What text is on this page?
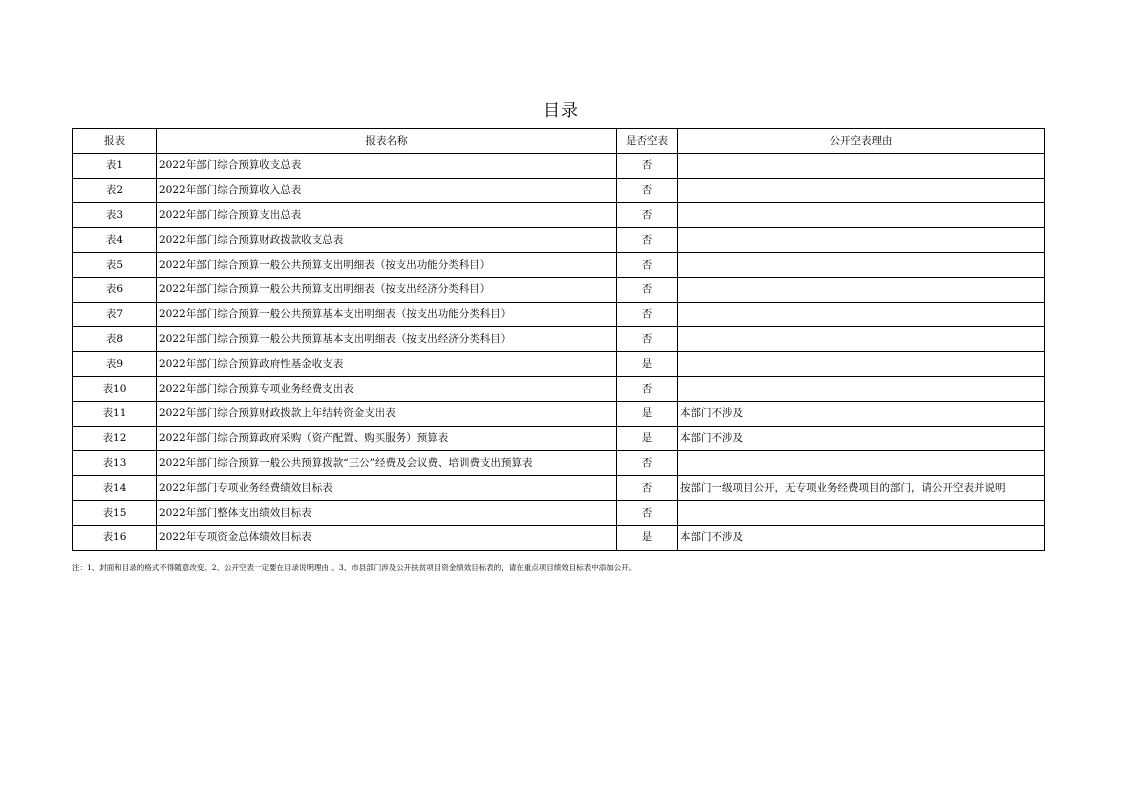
目录
报表	报表名称	是否空表	公开空表理由
表1	2022年部门综合预算收支总表	否	
表2	2022年部门综合预算收入总表	否	
表3	2022年部门综合预算支出总表	否	
表4	2022年部门综合预算财政拨款收支总表	否	
表5	2022年部门综合预算一般公共预算支出明细表（按支出功能分类科目）	否	
表6	2022年部门综合预算一般公共预算支出明细表（按支出经济分类科目）	否	
表7	2022年部门综合预算一般公共预算基本支出明细表（按支出功能分类科目）	否	
表8	2022年部门综合预算一般公共预算基本支出明细表（按支出经济分类科目）	否	
表9	2022年部门综合预算政府性基金收支表	是	
表10	2022年部门综合预算专项业务经费支出表	否	
表11	2022年部门综合预算财政拨款上年结转资金支出表	是	本部门不涉及
表12	2022年部门综合预算政府采购（资产配置、购买服务）预算表	是	本部门不涉及
表13	2022年部门综合预算一般公共预算拨款“三公”经费及会议费、培训费支出预算表	否	
表14	2022年部门专项业务经费绩效目标表	否	按部门一级项目公开，无专项业务经费项目的部门，请公开空表并说明
表15	2022年部门整体支出绩效目标表	否	
表16	2022年专项资金总体绩效目标表	是	本部门不涉及
注：1、封面和目录的格式不得随意改变。2、公开空表一定要在目录说明理由 。3、市县部门涉及公开扶贫项目资金绩效目标表的，请在重点项目绩效目标表中添加公开。
